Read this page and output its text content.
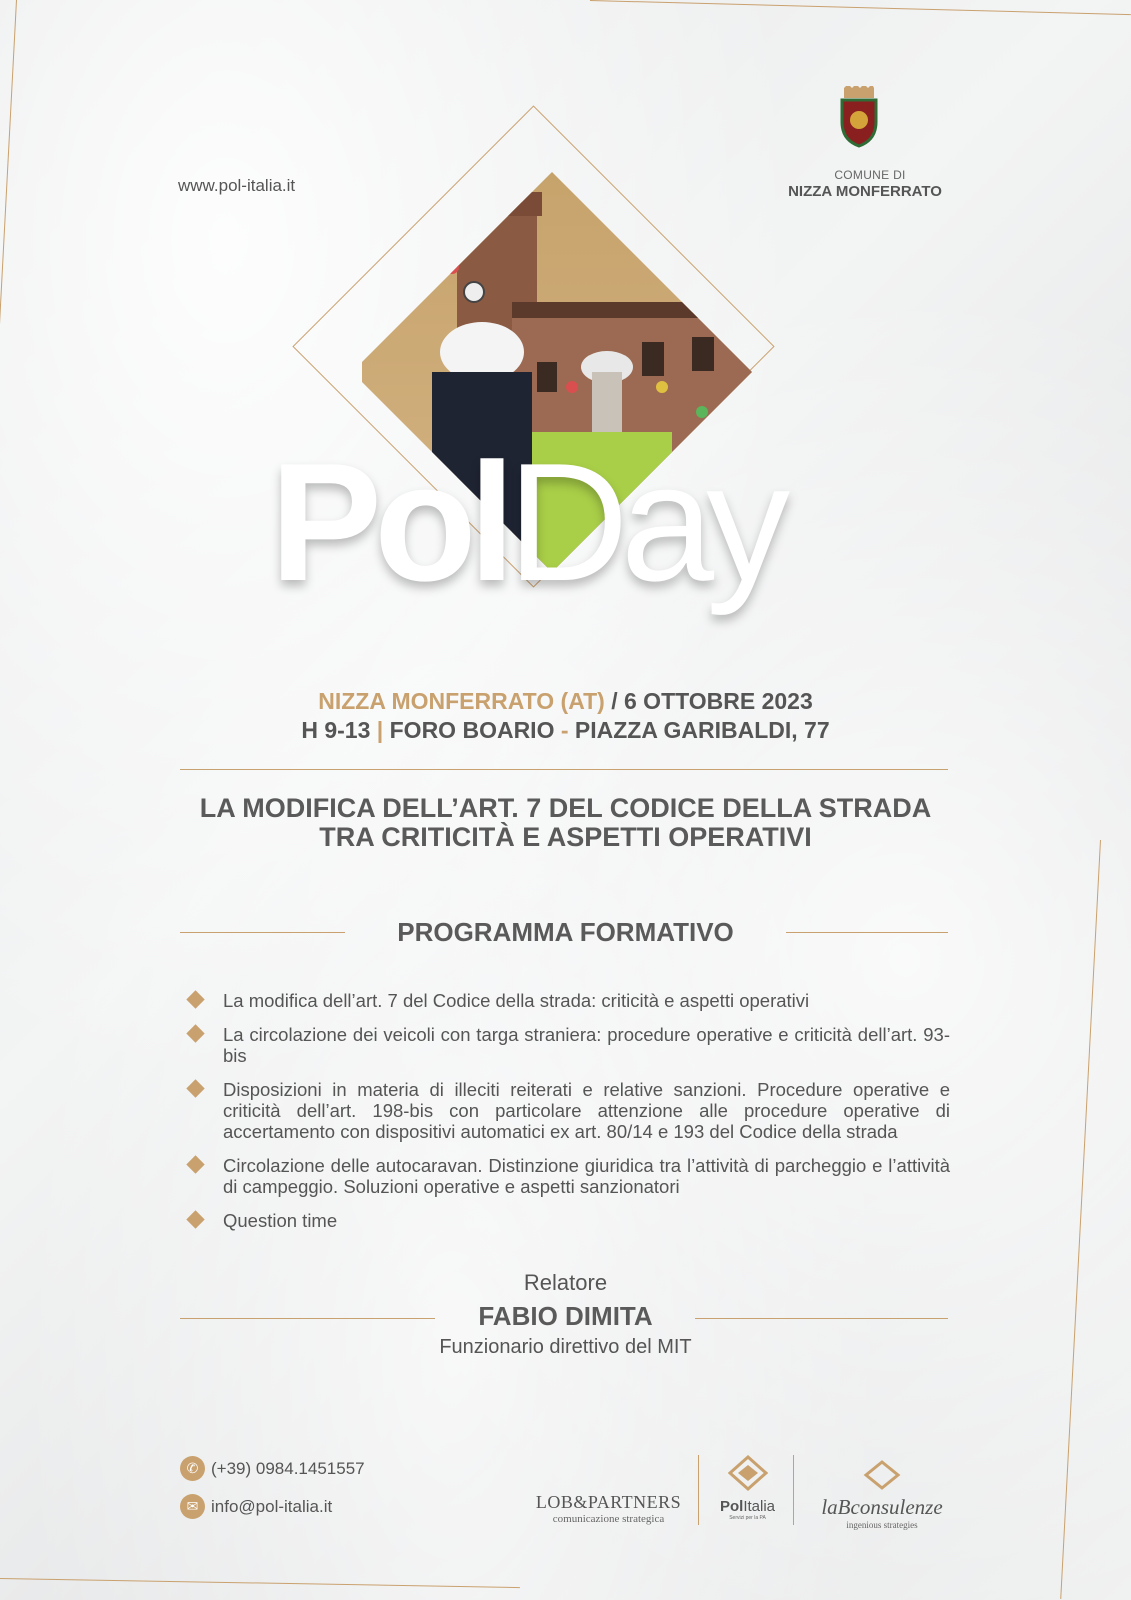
www.pol-italia.it
COMUNE DI
NIZZA MONFERRATO
PolDay
NIZZA MONFERRATO (AT) / 6 OTTOBRE 2023
H 9-13 | FORO BOARIO - PIAZZA GARIBALDI, 77
LA MODIFICA DELL’ART. 7 DEL CODICE DELLA STRADA
TRA CRITICITÀ E ASPETTI OPERATIVI
PROGRAMMA FORMATIVO
La modifica dell’art. 7 del Codice della strada: criticità e aspetti operativi
La circolazione dei veicoli con targa straniera: procedure operative e criticità dell’art. 93-bis
Disposizioni in materia di illeciti reiterati e relative sanzioni. Procedure operative e criticità dell’art. 198-bis con particolare attenzione alle procedure operative di accertamento con dispositivi automatici ex art. 80/14 e 193 del Codice della strada
Circolazione delle autocaravan. Distinzione giuridica tra l’attività di parcheggio e l’attività di campeggio. Soluzioni operative e aspetti sanzionatori
Question time
Relatore
FABIO DIMITA
Funzionario direttivo del MIT
✆ (+39) 0984.1451557
✉ info@pol-italia.it	LOB&PARTNERS
comunicazione strategica
PolItalia
Servizi per la PA	laBconsulenze
ingenious strategies
